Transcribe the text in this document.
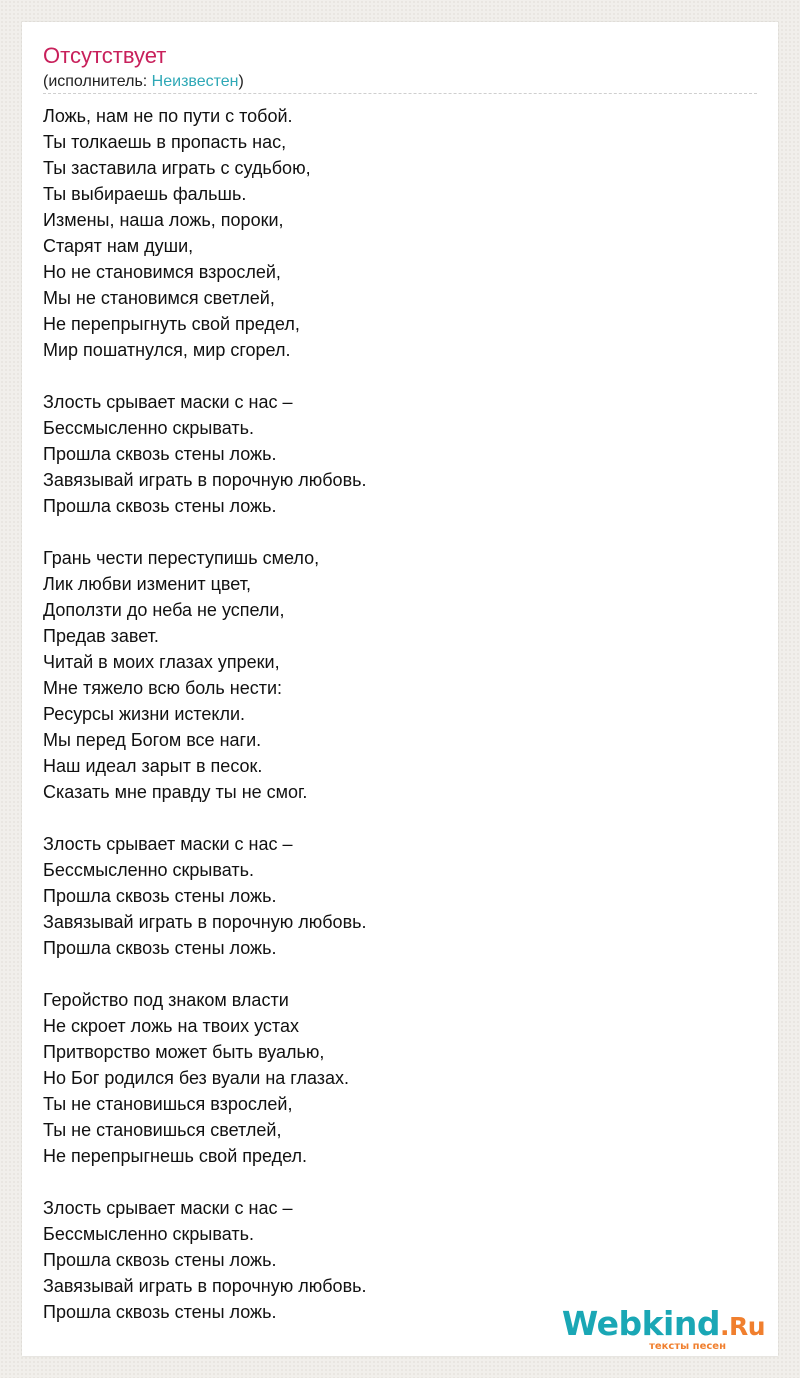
Отсутствует
(исполнитель: Неизвестен)
Ложь, нам не по пути с тобой.
Ты толкаешь в пропасть нас,
Ты заставила играть с судьбою,
Ты выбираешь фальшь.
Измены, наша ложь, пороки,
Старят нам души,
Но не становимся взрослей,
Мы не становимся светлей,
Не перепрыгнуть свой предел,
Мир пошатнулся, мир сгорел.
Злость срывает маски с нас –
Бессмысленно скрывать.
Прошла сквозь стены ложь.
Завязывай играть в порочную любовь.
Прошла сквозь стены ложь.
Грань чести переступишь смело,
Лик любви изменит цвет,
Доползти до неба не успели,
Предав завет.
Читай в моих глазах упреки,
Мне тяжело всю боль нести:
Ресурсы жизни истекли.
Мы перед Богом все наги.
Наш идеал зарыт в песок.
Сказать мне правду ты не смог.
Злость срывает маски с нас –
Бессмысленно скрывать.
Прошла сквозь стены ложь.
Завязывай играть в порочную любовь.
Прошла сквозь стены ложь.
Геройство под знаком власти
Не скроет ложь на твоих устах
Притворство может быть вуалью,
Но Бог родился без вуали на глазах.
Ты не становишься взрослей,
Ты не становишься светлей,
Не перепрыгнешь свой предел.
Злость срывает маски с нас –
Бессмысленно скрывать.
Прошла сквозь стены ложь.
Завязывай играть в порочную любовь.
Прошла сквозь стены ложь.	Webkind.Ru
тексты песен
